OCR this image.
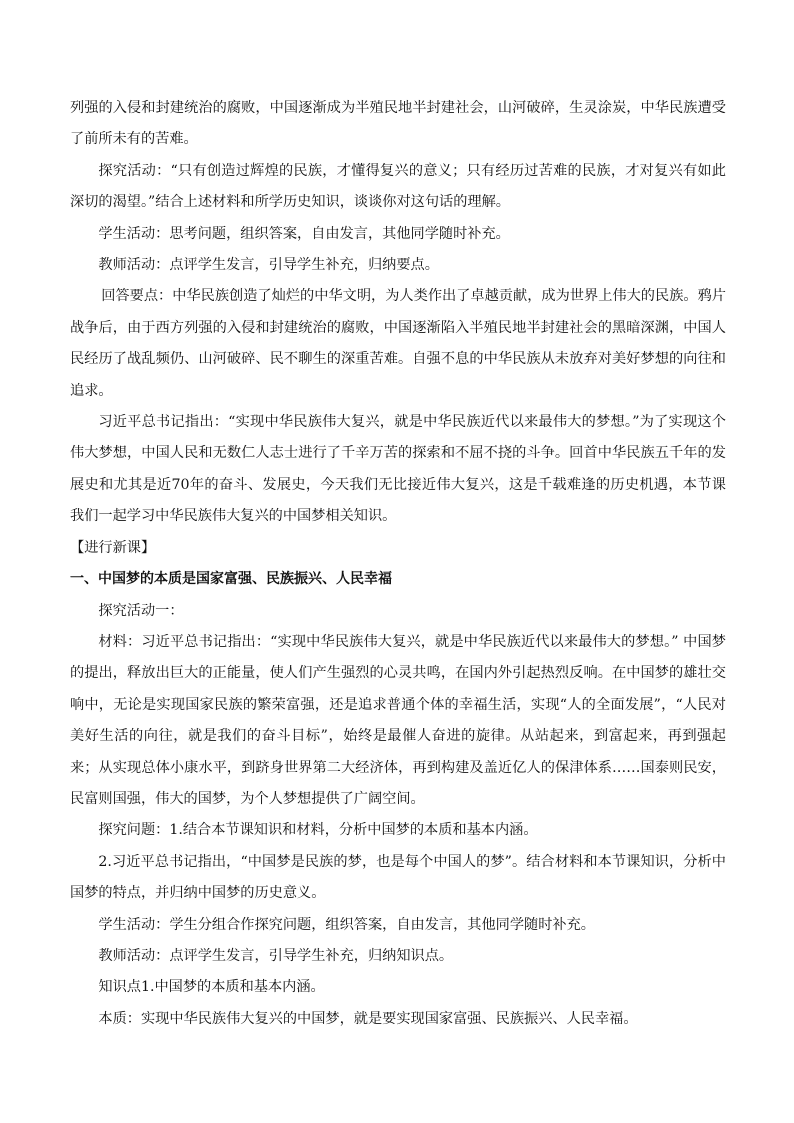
列强的入侵和封建统治的腐败，中国逐渐成为半殖民地半封建社会，山河破碎，生灵涂炭，中华民族遭受了前所未有的苦难。

探究活动：“只有创造过辉煌的民族，才懂得复兴的意义；只有经历过苦难的民族，才对复兴有如此深切的渴望。”结合上述材料和所学历史知识，谈谈你对这句话的理解。

学生活动：思考问题，组织答案，自由发言，其他同学随时补充。

教师活动：点评学生发言，引导学生补充，归纳要点。

回答要点：中华民族创造了灿烂的中华文明，为人类作出了卓越贡献，成为世界上伟大的民族。鸦片战争后，由于西方列强的入侵和封建统治的腐败，中国逐渐陷入半殖民地半封建社会的黑暗深渊，中国人民经历了战乱频仍、山河破碎、民不聊生的深重苦难。自强不息的中华民族从未放弃对美好梦想的向往和追求。

习近平总书记指出：“实现中华民族伟大复兴，就是中华民族近代以来最伟大的梦想。”为了实现这个伟大梦想，中国人民和无数仁人志士进行了千辛万苦的探索和不屈不挠的斗争。回首中华民族五千年的发展史和尤其是近70年的奋斗、发展史，今天我们无比接近伟大复兴，这是千载难逢的历史机遇，本节课我们一起学习中华民族伟大复兴的中国梦相关知识。

【进行新课】

一、中国梦的本质是国家富强、民族振兴、人民幸福

探究活动一：

材料：习近平总书记指出：“实现中华民族伟大复兴，就是中华民族近代以来最伟大的梦想。” 中国梦的提出，释放出巨大的正能量，使人们产生强烈的心灵共鸣，在国内外引起热烈反响。在中国梦的雄壮交响中，无论是实现国家民族的繁荣富强，还是追求普通个体的幸福生活，实现“人的全面发展”，“人民对美好生活的向往，就是我们的奋斗目标”，始终是最催人奋进的旋律。从站起来，到富起来，再到强起来；从实现总体小康水平，到跻身世界第二大经济体，再到构建及盖近亿人的保津体系……国泰则民安，民富则国强，伟大的国梦，为个人梦想提供了广阔空间。

探究问题：1.结合本节课知识和材料，分析中国梦的本质和基本内涵。

2.习近平总书记指出，“中国梦是民族的梦，也是每个中国人的梦”。结合材料和本节课知识，分析中国梦的特点，并归纳中国梦的历史意义。

学生活动：学生分组合作探究问题，组织答案，自由发言，其他同学随时补充。

教师活动：点评学生发言，引导学生补充，归纳知识点。

知识点1.中国梦的本质和基本内涵。

本质：实现中华民族伟大复兴的中国梦，就是要实现国家富强、民族振兴、人民幸福。
